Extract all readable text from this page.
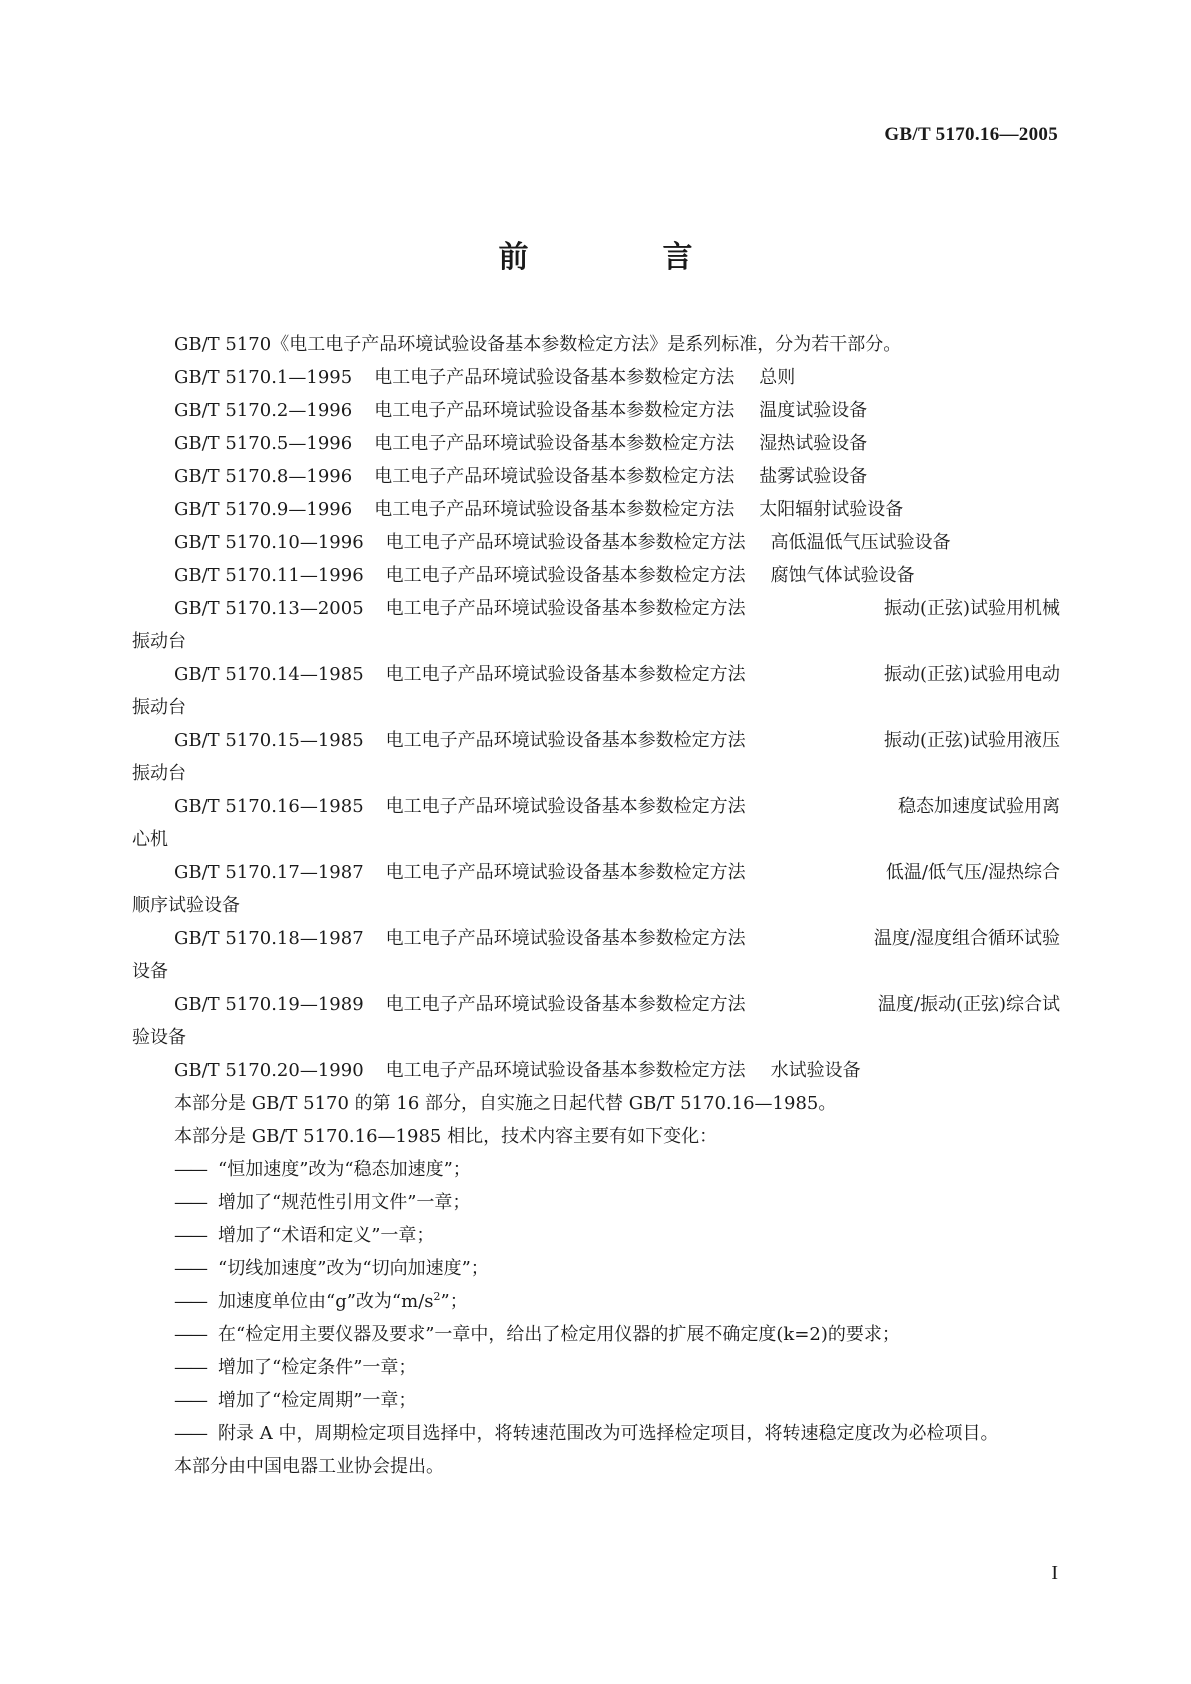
GB/T 5170.16—2005
前　言

GB/T 5170《电工电子产品环境试验设备基本参数检定方法》是系列标准，分为若干部分。

GB/T 5170.1—1995 电工电子产品环境试验设备基本参数检定方法 总则
GB/T 5170.2—1996 电工电子产品环境试验设备基本参数检定方法 温度试验设备
GB/T 5170.5—1996 电工电子产品环境试验设备基本参数检定方法 湿热试验设备
GB/T 5170.8—1996 电工电子产品环境试验设备基本参数检定方法 盐雾试验设备
GB/T 5170.9—1996 电工电子产品环境试验设备基本参数检定方法 太阳辐射试验设备
GB/T 5170.10—1996 电工电子产品环境试验设备基本参数检定方法 高低温低气压试验设备
GB/T 5170.11—1996 电工电子产品环境试验设备基本参数检定方法 腐蚀气体试验设备
GB/T 5170.13—2005 电工电子产品环境试验设备基本参数检定方法	振动(正弦)试验用机械
振动台
GB/T 5170.14—1985 电工电子产品环境试验设备基本参数检定方法	振动(正弦)试验用电动
振动台
GB/T 5170.15—1985 电工电子产品环境试验设备基本参数检定方法	振动(正弦)试验用液压
振动台
GB/T 5170.16—1985 电工电子产品环境试验设备基本参数检定方法	稳态加速度试验用离
心机
GB/T 5170.17—1987 电工电子产品环境试验设备基本参数检定方法	低温/低气压/湿热综合
顺序试验设备
GB/T 5170.18—1987 电工电子产品环境试验设备基本参数检定方法	温度/湿度组合循环试验
设备
GB/T 5170.19—1989 电工电子产品环境试验设备基本参数检定方法	温度/振动(正弦)综合试
验设备
GB/T 5170.20—1990 电工电子产品环境试验设备基本参数检定方法 水试验设备

本部分是 GB/T 5170 的第 16 部分，自实施之日起代替 GB/T 5170.16—1985。

本部分是 GB/T 5170.16—1985 相比，技术内容主要有如下变化：

—— “恒加速度”改为“稳态加速度”；
—— 增加了“规范性引用文件”一章；
—— 增加了“术语和定义”一章；
—— “切线加速度”改为“切向加速度”；
—— 加速度单位由“g”改为“$m/s^2$”；
—— 在“检定用主要仪器及要求”一章中，给出了检定用仪器的扩展不确定度(k=2)的要求；
—— 增加了“检定条件”一章；
—— 增加了“检定周期”一章；
—— 附录 A 中，周期检定项目选择中，将转速范围改为可选择检定项目，将转速稳定度改为必检项目。

本部分由中国电器工业协会提出。

I
